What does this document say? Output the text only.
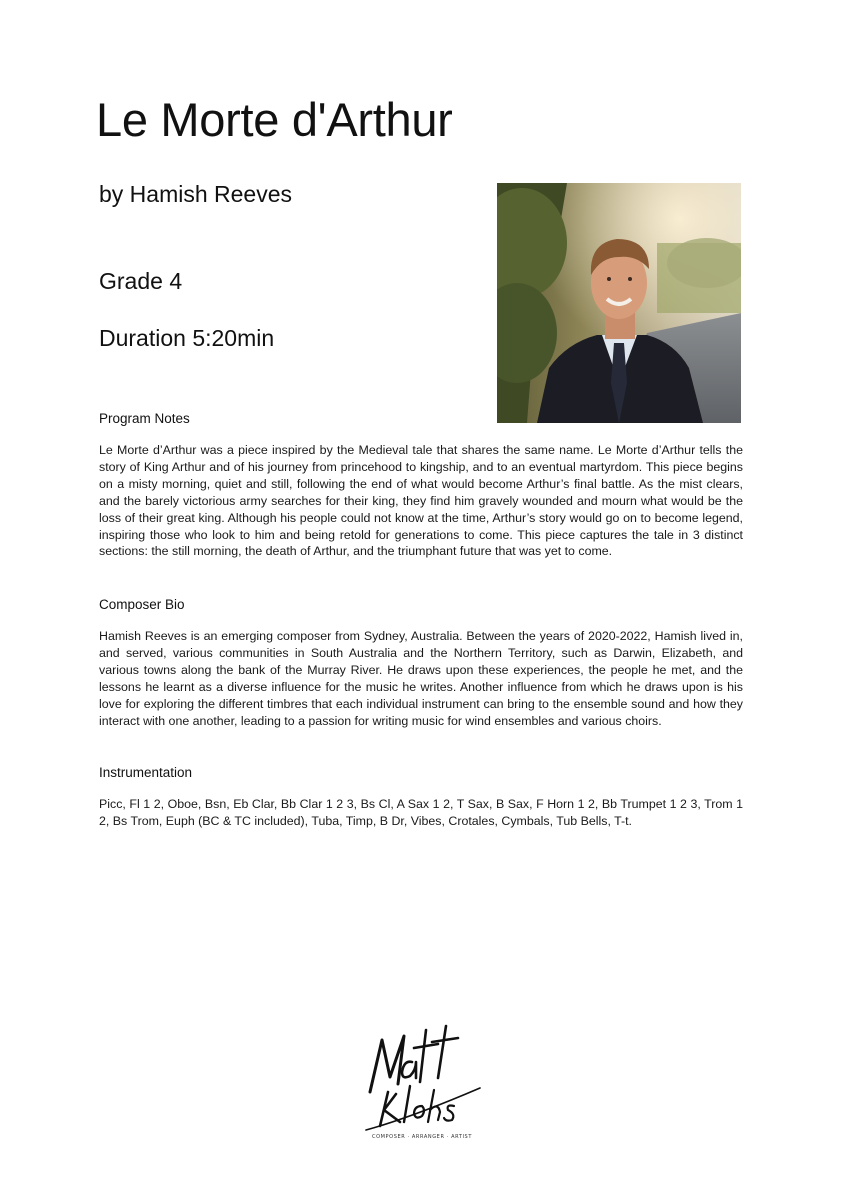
Le Morte d'Arthur
by Hamish Reeves
Grade 4
Duration 5:20min

Program Notes

Le Morte d’Arthur was a piece inspired by the Medieval tale that shares the same name. Le Morte d’Arthur tells the story of King Arthur and of his journey from princehood to kingship, and to an eventual martyrdom. This piece begins on a misty morning, quiet and still, following the end of what would become Arthur’s final battle. As the mist clears, and the barely victorious army searches for their king, they find him gravely wounded and mourn what would be the loss of their great king. Although his people could not know at the time, Arthur’s story would go on to become legend, inspiring those who look to him and being retold for generations to come. This piece captures the tale in 3 distinct sections: the still morning, the death of Arthur, and the triumphant future that was yet to come.

Composer Bio

Hamish Reeves is an emerging composer from Sydney, Australia. Between the years of 2020-2022, Hamish lived in, and served, various communities in South Australia and the Northern Territory, such as Darwin, Elizabeth, and various towns along the bank of the Murray River. He draws upon these experiences, the people he met, and the lessons he learnt as a diverse influence for the music he writes. Another influence from which he draws upon is his love for exploring the different timbres that each individual instrument can bring to the ensemble sound and how they interact with one another, leading to a passion for writing music for wind ensembles and various choirs.

Instrumentation

Picc, Fl 1 2, Oboe, Bsn, Eb Clar, Bb Clar 1 2 3, Bs Cl, A Sax 1 2, T Sax, B Sax, F Horn 1 2, Bb Trumpet 1 2 3, Trom 1 2, Bs Trom, Euph (BC & TC included), Tuba, Timp, B Dr, Vibes, Crotales, Cymbals, Tub Bells, T-t.

COMPOSER · ARRANGER · ARTIST
